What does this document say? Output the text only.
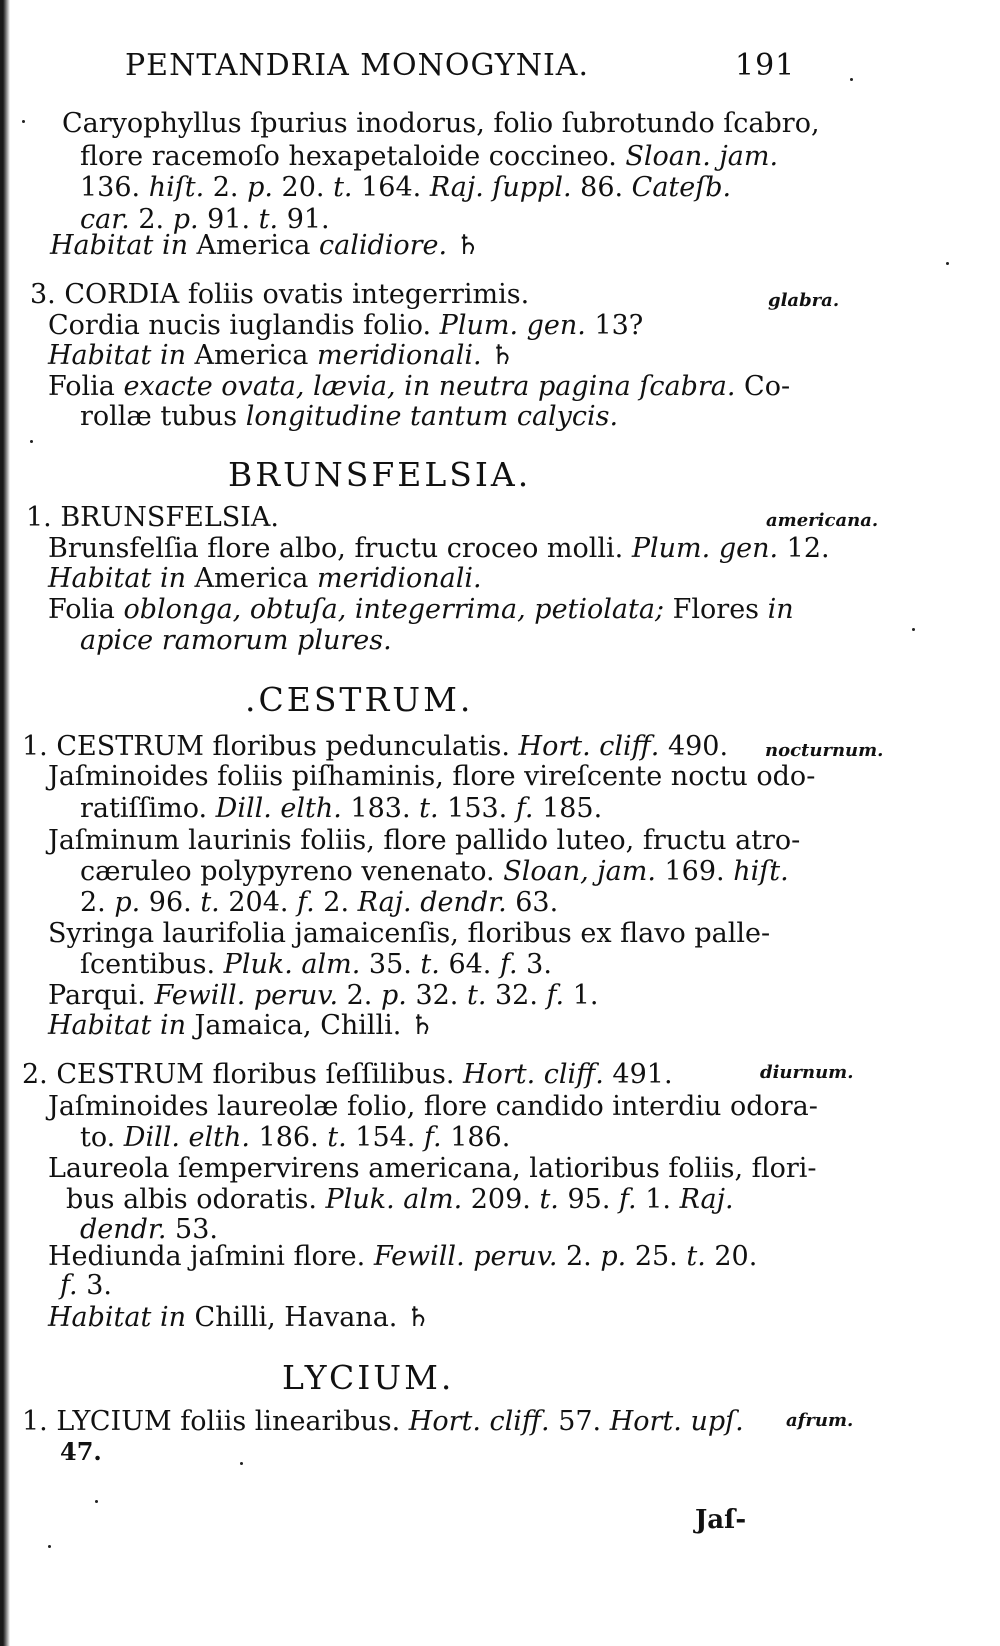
PENTANDRIA MONOGYNIA.	191
Caryophyllus ſpurius inodorus, folio ſubrotundo ſcabro,
flore racemoſo hexapetaloide coccineo. Sloan. jam.
136. hiſt. 2. p. 20. t. 164. Raj. ſuppl. 86. Cateſb.
car. 2. p. 91. t. 91.
Habitat in America calidiore. ♄
3. CORDIA foliis ovatis integerrimis.	glabra.
Cordia nucis iuglandis folio. Plum. gen. 13?
Habitat in America meridionali. ♄
Folia exacte ovata, lævia, in neutra pagina ſcabra. Co-
rollæ tubus longitudine tantum calycis.
BRUNSFELSIA.
1. BRUNSFELSIA.	americana.
Brunsfelſia flore albo, fructu croceo molli. Plum. gen. 12.
Habitat in America meridionali.
Folia oblonga, obtuſa, integerrima, petiolata; Flores in
apice ramorum plures.
.CESTRUM.
1. CESTRUM floribus pedunculatis. Hort. cliff. 490. nocturnum.
Jaſminoides foliis piſhaminis, flore vireſcente noctu odo-
ratiſſimo. Dill. elth. 183. t. 153. f. 185.
Jaſminum laurinis foliis, flore pallido luteo, fructu atro-
cæruleo polypyreno venenato. Sloan, jam. 169. hiſt.
2. p. 96. t. 204. f. 2. Raj. dendr. 63.
Syringa laurifolia jamaicenſis, floribus ex flavo palle-
ſcentibus. Pluk. alm. 35. t. 64. f. 3.
Parqui. Fewill. peruv. 2. p. 32. t. 32. f. 1.
Habitat in Jamaica, Chilli. ♄
2. CESTRUM floribus ſeſſilibus. Hort. cliff. 491.	diurnum.
Jaſminoides laureolæ folio, flore candido interdiu odora-
to. Dill. elth. 186. t. 154. f. 186.
Laureola ſempervirens americana, latioribus foliis, flori-
bus albis odoratis. Pluk. alm. 209. t. 95. f. 1. Raj.
dendr. 53.
Hediunda jaſmini flore. Fewill. peruv. 2. p. 25. t. 20.
f. 3.
Habitat in Chilli, Havana. ♄
LYCIUM.
1. LYCIUM foliis linearibus. Hort. cliff. 57. Hort. upſ. afrum.
47.
Jaſ-
